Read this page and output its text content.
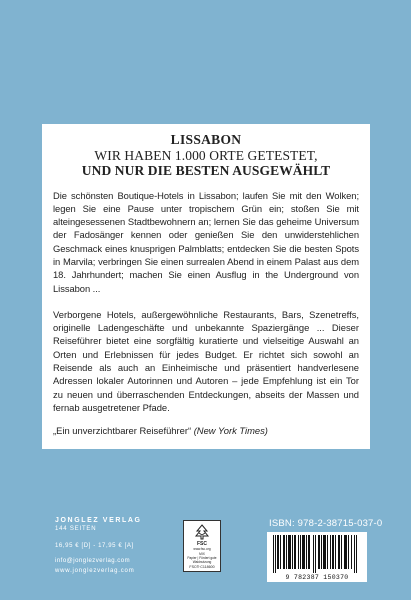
LISSABON
WIR HABEN 1.000 ORTE GETESTET,
UND NUR DIE BESTEN AUSGEWÄHLT
Die schönsten Boutique-Hotels in Lissabon; laufen Sie mit den Wolken; legen Sie eine Pause unter tropischem Grün ein; stoßen Sie mit alteingesessenen Stadtbewohnern an; lernen Sie das geheime Universum der Fadosänger kennen oder genießen Sie den unwiderstehlichen Geschmack eines knusprigen Palmblatts; entdecken Sie die besten Spots in Marvila; verbringen Sie einen surrealen Abend in einem Palast aus dem 18. Jahrhundert; machen Sie einen Ausflug in the Underground von Lissabon ...
Verborgene Hotels, außergewöhnliche Restaurants, Bars, Szenetreffs, originelle Ladengeschäfte und unbekannte Spaziergänge ... Dieser Reiseführer bietet eine sorgfältig kuratierte und vielseitige Auswahl an Orten und Erlebnissen für jedes Budget. Er richtet sich sowohl an Reisende als auch an Einheimische und präsentiert handverlesene Adressen lokaler Autorinnen und Autoren – jede Empfehlung ist ein Tor zu neuen und überraschenden Entdeckungen, abseits der Massen und fernab ausgetretener Pfade.
„Ein unverzichtbarer Reiseführer“ (New York Times)
JONGLEZ VERLAG
144 SEITEN
16,95 € [D] - 17,95 € [A]
info@jonglezverlag.com
www.jonglezverlag.com
FSC
www.fsc.org
MIX
Papier | Fördert gute Waldnutzung
FSC® C118600
ISBN: 978-2-38715-037-0
9 782387 150370
